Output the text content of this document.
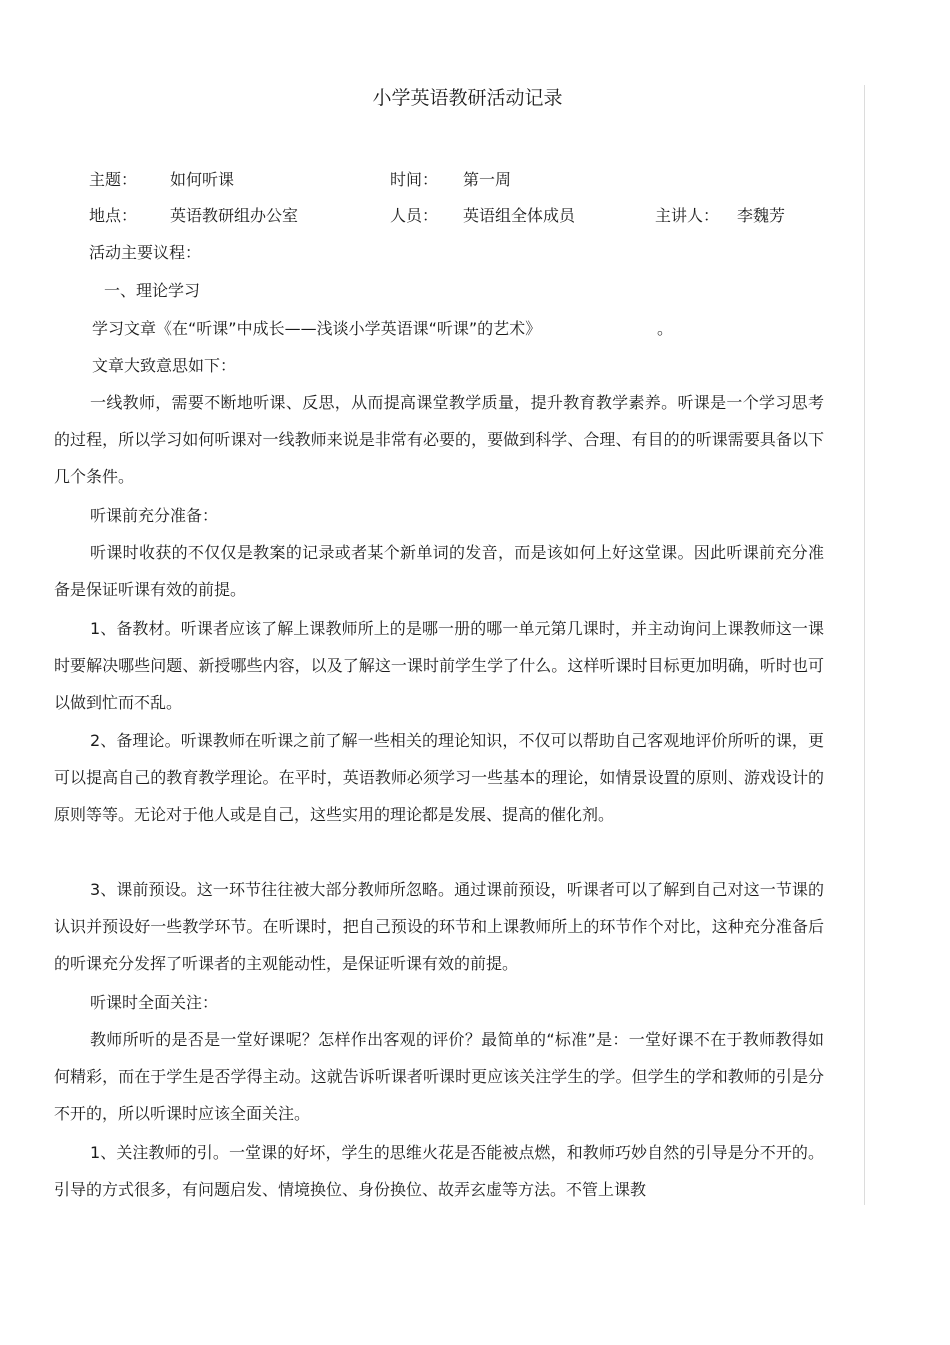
小学英语教研活动记录
主题： 如何听课	时间： 第一周
地点： 英语教研组办公室	人员： 英语组全体成员	主讲人： 李魏芳
活动主要议程：
一、理论学习
学习文章《在“听课”中成长——浅谈小学英语课“听课”的艺术》	。
文章大致意思如下：

一线教师，需要不断地听课、反思，从而提高课堂教学质量，提升教育教学素养。听课是一个学习思考的过程，所以学习如何听课对一线教师来说是非常有必要的，要做到科学、合理、有目的的听课需要具备以下几个条件。

听课前充分准备：

听课时收获的不仅仅是教案的记录或者某个新单词的发音，而是该如何上好这堂课。因此听课前充分准备是保证听课有效的前提。

1、备教材。听课者应该了解上课教师所上的是哪一册的哪一单元第几课时，并主动询问上课教师这一课时要解决哪些问题、新授哪些内容，以及了解这一课时前学生学了什么。这样听课时目标更加明确，听时也可以做到忙而不乱。

2、备理论。听课教师在听课之前了解一些相关的理论知识，不仅可以帮助自己客观地评价所听的课，更可以提高自己的教育教学理论。在平时，英语教师必须学习一些基本的理论，如情景设置的原则、游戏设计的原则等等。无论对于他人或是自己，这些实用的理论都是发展、提高的催化剂。

3、课前预设。这一环节往往被大部分教师所忽略。通过课前预设，听课者可以了解到自己对这一节课的认识并预设好一些教学环节。在听课时，把自己预设的环节和上课教师所上的环节作个对比，这种充分准备后的听课充分发挥了听课者的主观能动性，是保证听课有效的前提。

听课时全面关注：

教师所听的是否是一堂好课呢？怎样作出客观的评价？最简单的“标准”是：一堂好课不在于教师教得如何精彩，而在于学生是否学得主动。这就告诉听课者听课时更应该关注学生的学。但学生的学和教师的引是分不开的，所以听课时应该全面关注。

1、关注教师的引。一堂课的好坏，学生的思维火花是否能被点燃，和教师巧妙自然的引导是分不开的。引导的方式很多，有问题启发、情境换位、身份换位、故弄玄虚等方法。不管上课教
